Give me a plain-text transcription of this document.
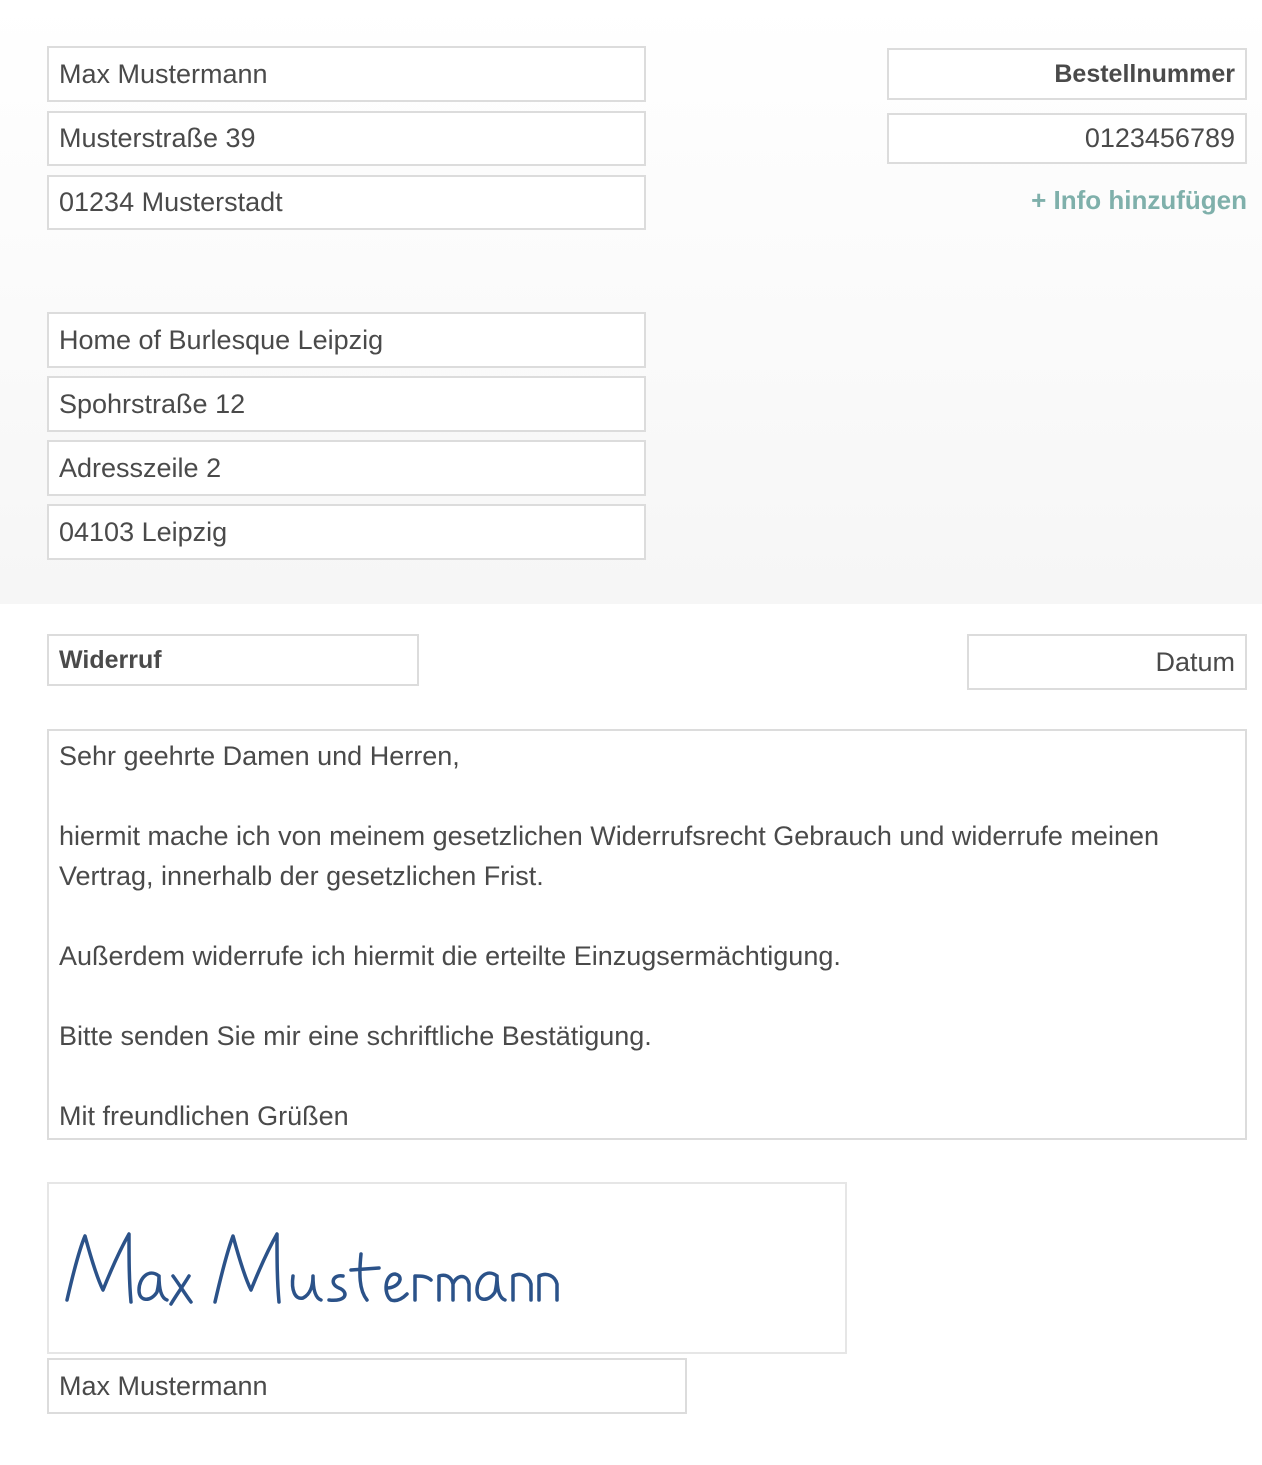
Max Mustermann
Musterstraße 39
01234 Musterstadt
Bestellnummer
0123456789
+ Info hinzufügen
Home of Burlesque Leipzig
Spohrstraße 12
Adresszeile 2
04103 Leipzig
Widerruf	Datum

Sehr geehrte Damen und Herren,

hiermit mache ich von meinem gesetzlichen Widerrufsrecht Gebrauch und widerrufe meinen

Vertrag, innerhalb der gesetzlichen Frist.

Außerdem widerrufe ich hiermit die erteilte Einzugsermächtigung.

Bitte senden Sie mir eine schriftliche Bestätigung.

Mit freundlichen Grüßen

Max Mustermann
